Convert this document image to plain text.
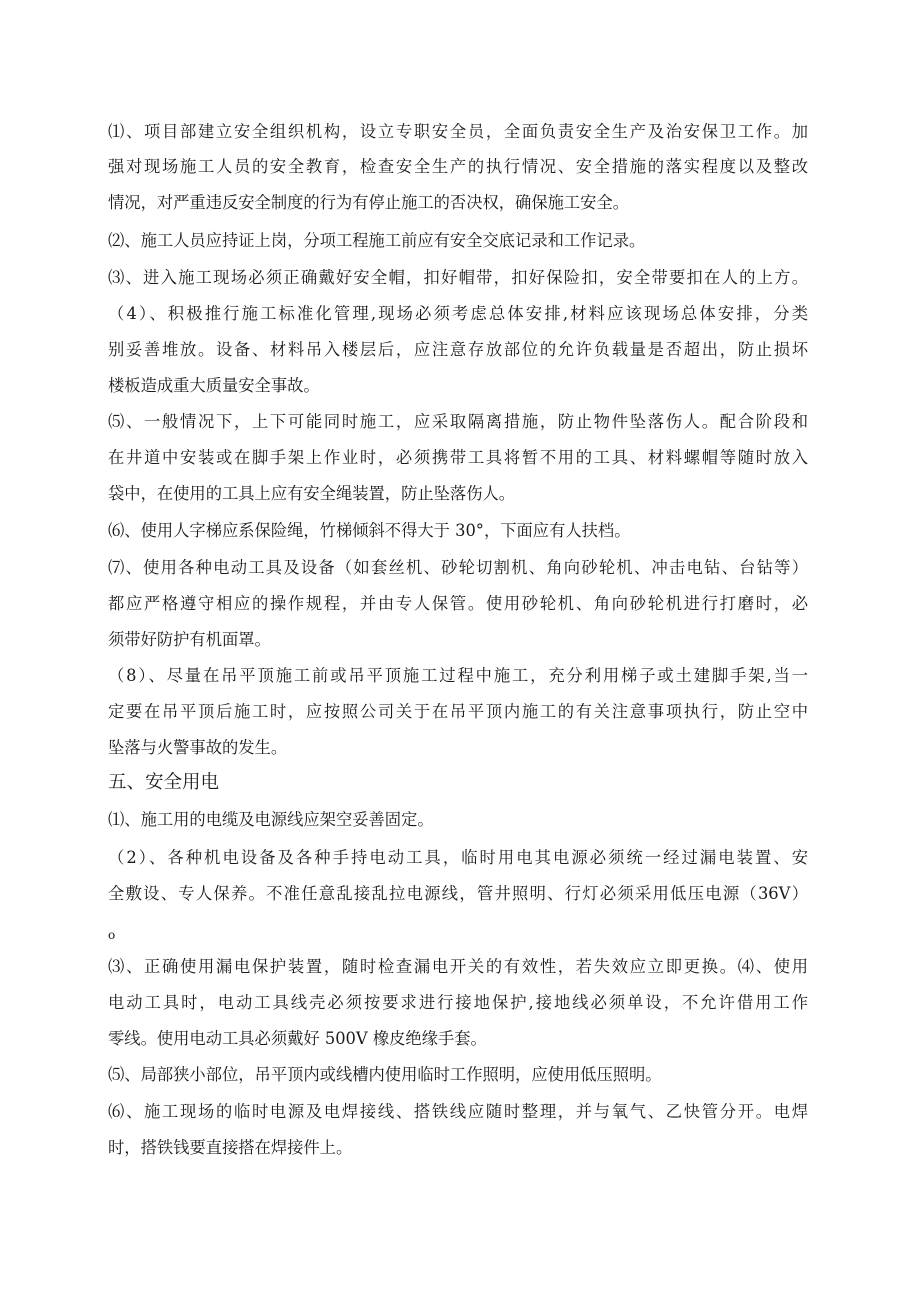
⑴、项目部建立安全组织机构，设立专职安全员，全面负责安全生产及治安保卫工作。加
强对现场施工人员的安全教育，检查安全生产的执行情况、安全措施的落实程度以及整改
情况，对严重违反安全制度的行为有停止施工的否决权，确保施工安全。
⑵、施工人员应持证上岗，分项工程施工前应有安全交底记录和工作记录。
⑶、进入施工现场必须正确戴好安全帽，扣好帽带，扣好保险扣，安全带要扣在人的上方。
（4）、积极推行施工标准化管理,现场必须考虑总体安排,材料应该现场总体安排，分类
别妥善堆放。设备、材料吊入楼层后，应注意存放部位的允许负载量是否超出，防止损坏
楼板造成重大质量安全事故。
⑸、一般情况下，上下可能同时施工，应采取隔离措施，防止物件坠落伤人。配合阶段和
在井道中安装或在脚手架上作业时，必须携带工具将暂不用的工具、材料螺帽等随时放入
袋中，在使用的工具上应有安全绳装置，防止坠落伤人。
⑹、使用人字梯应系保险绳，竹梯倾斜不得大于 30°，下面应有人扶档。
⑺、使用各种电动工具及设备（如套丝机、砂轮切割机、角向砂轮机、冲击电钻、台钻等）
都应严格遵守相应的操作规程，并由专人保管。使用砂轮机、角向砂轮机进行打磨时，必
须带好防护有机面罩。
（8）、尽量在吊平顶施工前或吊平顶施工过程中施工，充分利用梯子或土建脚手架,当一
定要在吊平顶后施工时，应按照公司关于在吊平顶内施工的有关注意事项执行，防止空中
坠落与火警事故的发生。
五、安全用电
⑴、施工用的电缆及电源线应架空妥善固定。
（2）、各种机电设备及各种手持电动工具，临时用电其电源必须统一经过漏电装置、安
全敷设、专人保养。不准任意乱接乱拉电源线，管井照明、行灯必须采用低压电源（36V）
o
⑶、正确使用漏电保护装置，随时检查漏电开关的有效性，若失效应立即更换。⑷、使用
电动工具时，电动工具线壳必须按要求进行接地保护,接地线必须单设，不允许借用工作
零线。使用电动工具必须戴好 500V 橡皮绝缘手套。
⑸、局部狭小部位，吊平顶内或线槽内使用临时工作照明，应使用低压照明。
⑹、施工现场的临时电源及电焊接线、搭铁线应随时整理，并与氧气、乙快管分开。电焊
时，搭铁钱要直接搭在焊接件上。
